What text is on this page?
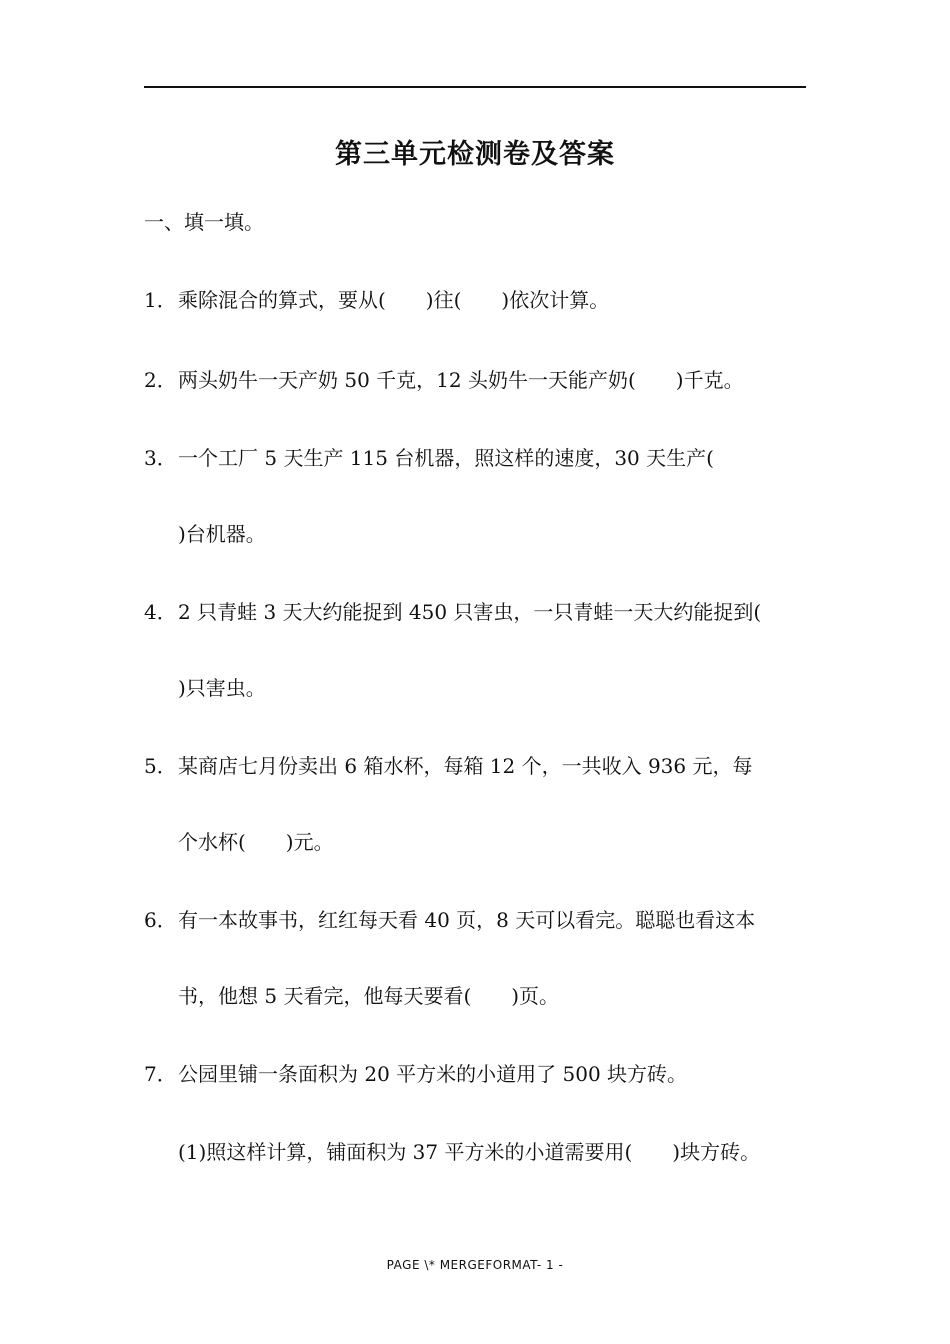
第三单元检测卷及答案
一、填一填。
1．乘除混合的算式，要从(　　)往(　　)依次计算。
2．两头奶牛一天产奶 50 千克，12 头奶牛一天能产奶(　　)千克。
3．一个工厂 5 天生产 115 台机器，照这样的速度，30 天生产(
)台机器。
4．2 只青蛙 3 天大约能捉到 450 只害虫，一只青蛙一天大约能捉到(
)只害虫。
5．某商店七月份卖出 6 箱水杯，每箱 12 个，一共收入 936 元，每
个水杯(　　)元。
6．有一本故事书，红红每天看 40 页，8 天可以看完。聪聪也看这本
书，他想 5 天看完，他每天要看(　　)页。
7．公园里铺一条面积为 20 平方米的小道用了 500 块方砖。
(1)照这样计算，铺面积为 37 平方米的小道需要用(　　)块方砖。
PAGE \* MERGEFORMAT- 1 -
